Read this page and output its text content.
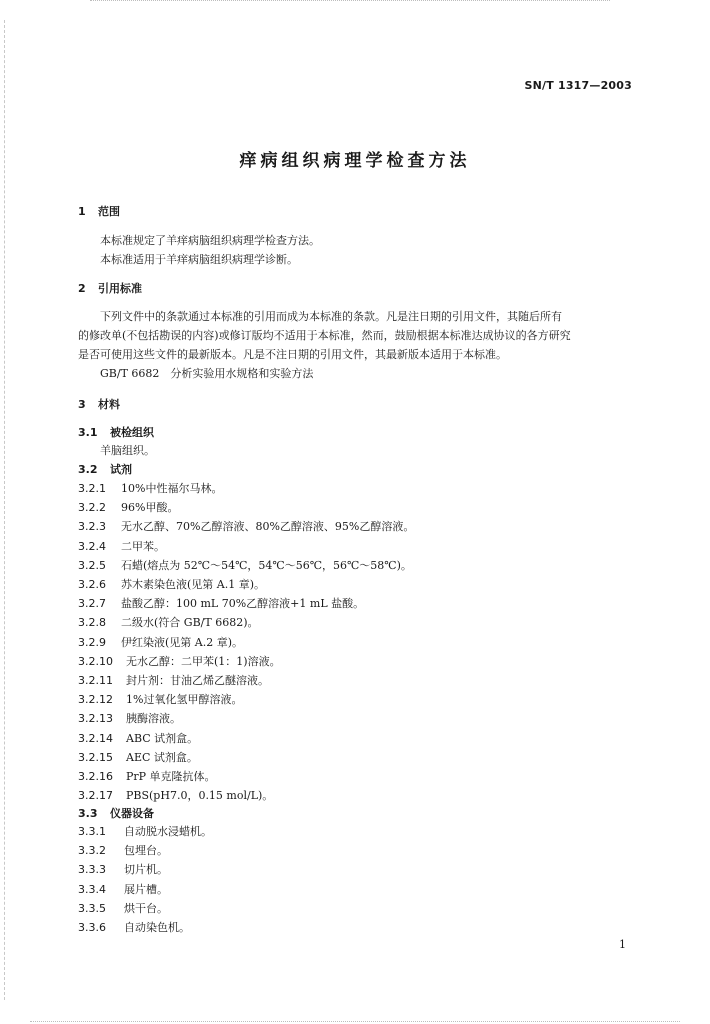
SN/T 1317—2003
痒病组织病理学检查方法
1 范围
本标准规定了羊痒病脑组织病理学检查方法。
本标准适用于羊痒病脑组织病理学诊断。
2 引用标准
下列文件中的条款通过本标准的引用而成为本标准的条款。凡是注日期的引用文件，其随后所有
的修改单(不包括勘误的内容)或修订版均不适用于本标准，然而，鼓励根据本标准达成协议的各方研究
是否可使用这些文件的最新版本。凡是不注日期的引用文件，其最新版本适用于本标准。
GB/T 6682　分析实验用水规格和实验方法
3 材料
3.1 被检组织
羊脑组织。
3.2 试剂
3.2.1 10%中性福尔马林。
3.2.2 96%甲酸。
3.2.3 无水乙醇、70%乙醇溶液、80%乙醇溶液、95%乙醇溶液。
3.2.4 二甲苯。
3.2.5 石蜡(熔点为 52℃～54℃，54℃～56℃，56℃～58℃)。
3.2.6 苏木素染色液(见第 A.1 章)。
3.2.7 盐酸乙醇：100 mL 70%乙醇溶液+1 mL 盐酸。
3.2.8 二级水(符合 GB/T 6682)。
3.2.9 伊红染液(见第 A.2 章)。
3.2.10 无水乙醇：二甲苯(1：1)溶液。
3.2.11 封片剂：甘油乙烯乙醚溶液。
3.2.12 1%过氧化氢甲醇溶液。
3.2.13 胰酶溶液。
3.2.14 ABC 试剂盒。
3.2.15 AEC 试剂盒。
3.2.16 PrP 单克隆抗体。
3.2.17 PBS(pH7.0，0.15 mol/L)。
3.3 仪器设备
3.3.1 自动脱水浸蜡机。
3.3.2 包埋台。
3.3.3 切片机。
3.3.4 展片槽。
3.3.5 烘干台。
3.3.6 自动染色机。
1
